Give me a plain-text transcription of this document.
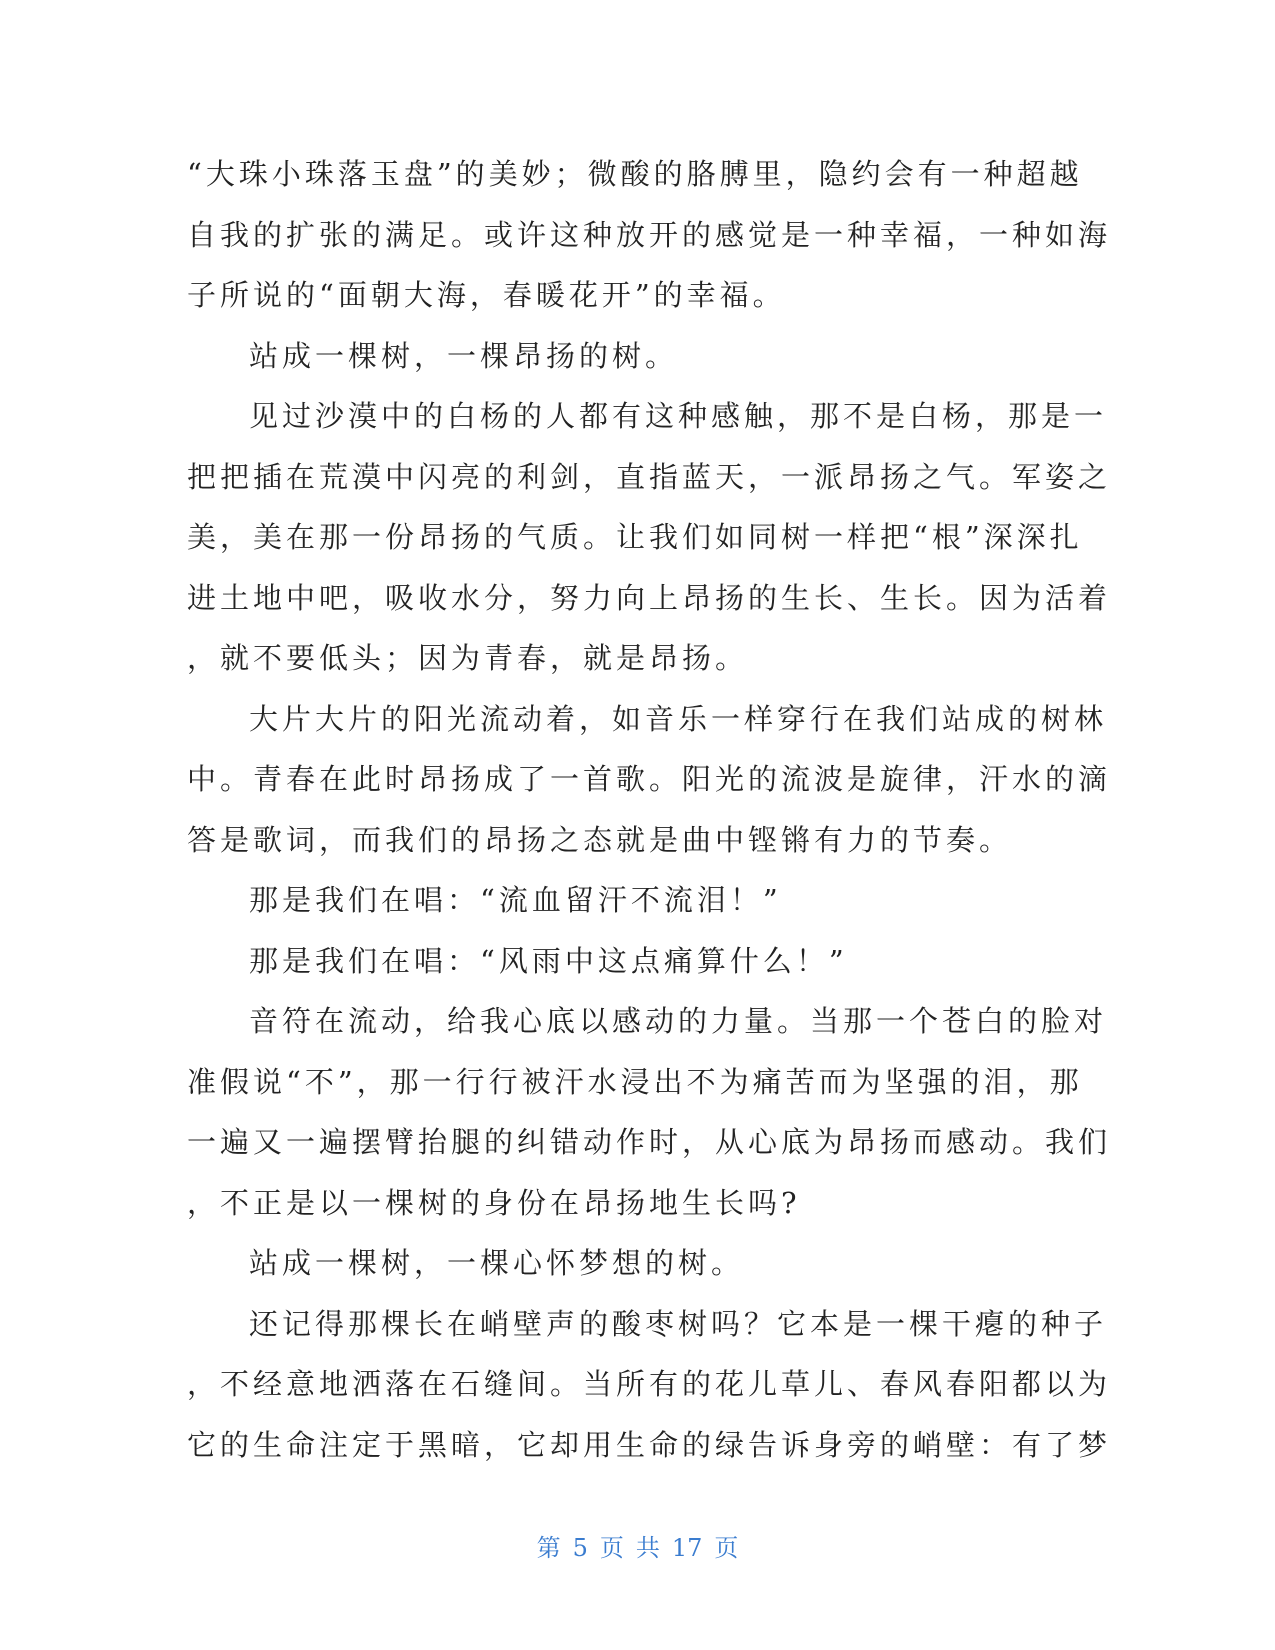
“大珠小珠落玉盘”的美妙；微酸的胳膊里，隐约会有一种超越
自我的扩张的满足。或许这种放开的感觉是一种幸福，一种如海
子所说的“面朝大海，春暖花开”的幸福。
站成一棵树，一棵昂扬的树。
见过沙漠中的白杨的人都有这种感触，那不是白杨，那是一
把把插在荒漠中闪亮的利剑，直指蓝天，一派昂扬之气。军姿之
美，美在那一份昂扬的气质。让我们如同树一样把“根”深深扎
进土地中吧，吸收水分，努力向上昂扬的生长、生长。因为活着
，就不要低头；因为青春，就是昂扬。
大片大片的阳光流动着，如音乐一样穿行在我们站成的树林
中。青春在此时昂扬成了一首歌。阳光的流波是旋律，汗水的滴
答是歌词，而我们的昂扬之态就是曲中铿锵有力的节奏。
那是我们在唱：“流血留汗不流泪！”
那是我们在唱：“风雨中这点痛算什么！”
音符在流动，给我心底以感动的力量。当那一个苍白的脸对
准假说“不”，那一行行被汗水浸出不为痛苦而为坚强的泪，那
一遍又一遍摆臂抬腿的纠错动作时，从心底为昂扬而感动。我们
，不正是以一棵树的身份在昂扬地生长吗?
站成一棵树，一棵心怀梦想的树。
还记得那棵长在峭壁声的酸枣树吗？它本是一棵干瘪的种子
，不经意地洒落在石缝间。当所有的花儿草儿、春风春阳都以为
它的生命注定于黑暗，它却用生命的绿告诉身旁的峭壁：有了梦
第 5 页 共 17 页
